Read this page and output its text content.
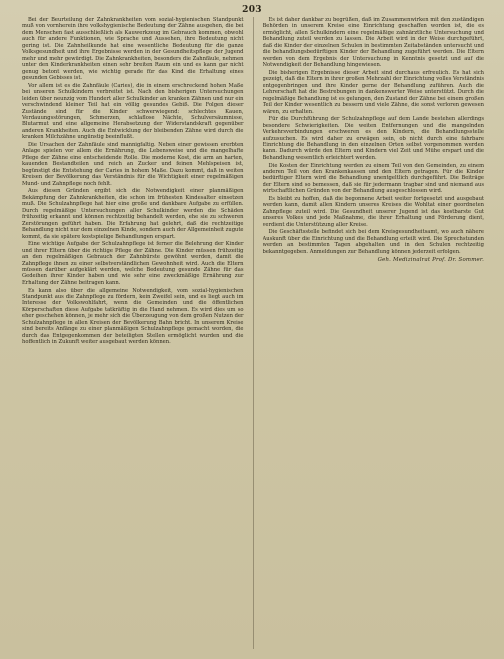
203

Bei der Beurteilung der Zahnkrankheiten vom sozial-hygienischen Standpunkt muß von vornherein ihre volkshygienische Bedeutung der Zähne ausgehen, die bei dem Menschen fast ausschließlich als Kauwerkzeug im Gebrauch kommen, obwohl auch für andere Funktionen, wie Sprache und Aussehen, ihre Bedeutung nicht gering ist. Die Zahnheilkunde hat eine wesentliche Bedeutung für die ganze Volksgesundheit und ihre Ergebnisse werden in der Gesundheitspflege der Jugend mehr und mehr gewürdigt. Die Zahnkrankheiten, besonders die Zahnfäule, nehmen unter den Kinderkrankheiten einen sehr breiten Raum ein und es kann gar nicht genug betont werden, wie wichtig gerade für das Kind die Erhaltung eines gesunden Gebisses ist.

Vor allem ist es die Zahnfäule (Caries), die in einem erschreckend hohen Maße bei unseren Schulkindern verbreitet ist. Nach den bisherigen Untersuchungen leiden über neunzig vom Hundert aller Schulkinder an kranken Zähnen und nur ein verschwindend kleiner Teil hat ein völlig gesundes Gebiß. Die Folgen dieser Zustände sind für die Kinder schwerwiegend: schlechtes Kauen, Verdauungsstörungen, Schmerzen, schlaflose Nächte, Schulversäumnisse, Blutarmut und eine allgemeine Herabsetzung der Widerstandskraft gegenüber anderen Krankheiten. Auch die Entwicklung der bleibenden Zähne wird durch die kranken Milchzähne ungünstig beeinflußt.

Die Ursachen der Zahnfäule sind mannigfaltig. Neben einer gewissen ererbten Anlage spielen vor allem die Ernährung, die Lebensweise und die mangelhafte Pflege der Zähne eine entscheidende Rolle. Die moderne Kost, die arm an harten, kauenden Bestandteilen und reich an Zucker und feinen Mehlspeisen ist, begünstigt die Entstehung der Caries in hohem Maße. Dazu kommt, daß in weiten Kreisen der Bevölkerung das Verständnis für die Wichtigkeit einer regelmäßigen Mund- und Zahnpflege noch fehlt.

Aus diesen Gründen ergibt sich die Notwendigkeit einer planmäßigen Bekämpfung der Zahnkrankheiten, die schon im frühesten Kindesalter einsetzen muß. Die Schulzahnpflege hat hier eine große und dankbare Aufgabe zu erfüllen. Durch regelmäßige Untersuchungen aller Schulkinder werden die Schäden frühzeitig erkannt und können rechtzeitig behandelt werden, ehe sie zu schweren Zerstörungen geführt haben. Die Erfahrung hat gelehrt, daß die rechtzeitige Behandlung nicht nur dem einzelnen Kinde, sondern auch der Allgemeinheit zugute kommt, da sie spätere kostspielige Behandlungen erspart.

Eine wichtige Aufgabe der Schulzahnpflege ist ferner die Belehrung der Kinder und ihrer Eltern über die richtige Pflege der Zähne. Die Kinder müssen frühzeitig an den regelmäßigen Gebrauch der Zahnbürste gewöhnt werden, damit die Zahnpflege ihnen zu einer selbstverständlichen Gewohnheit wird. Auch die Eltern müssen darüber aufgeklärt werden, welche Bedeutung gesunde Zähne für das Gedeihen ihrer Kinder haben und wie sehr eine zweckmäßige Ernährung zur Erhaltung der Zähne beitragen kann.

Es kann also über die allgemeine Notwendigkeit, vom sozial-hygienischen Standpunkt aus die Zahnpflege zu fördern, kein Zweifel sein, und es liegt auch im Interesse der Volkswohlfahrt, wenn die Gemeinden und die öffentlichen Körperschaften diese Aufgabe tatkräftig in die Hand nehmen. Es wird dies um so eher geschehen können, je mehr sich die Überzeugung von dem großen Nutzen der Schulzahnpflege in allen Kreisen der Bevölkerung Bahn bricht. In unserem Kreise sind bereits Anfänge zu einer planmäßigen Schulzahnpflege gemacht worden, die durch das Entgegenkommen der beteiligten Stellen ermöglicht wurden und die hoffentlich in Zukunft weiter ausgebaut werden können.

Es ist daher dankbar zu begrüßen, daß im Zusammenwirken mit den zuständigen Behörden in unserem Kreise eine Einrichtung geschaffen worden ist, die es ermöglicht, allen Schulkindern eine regelmäßige zahnärztliche Untersuchung und Behandlung zuteil werden zu lassen. Die Arbeit wird in der Weise durchgeführt, daß die Kinder der einzelnen Schulen in bestimmten Zeitabständen untersucht und die behandlungsbedürftigen Kinder der Behandlung zugeführt werden. Die Eltern werden von dem Ergebnis der Untersuchung in Kenntnis gesetzt und auf die Notwendigkeit der Behandlung hingewiesen.

Die bisherigen Ergebnisse dieser Arbeit sind durchaus erfreulich. Es hat sich gezeigt, daß die Eltern in ihrer großen Mehrzahl der Einrichtung volles Verständnis entgegenbringen und ihre Kinder gerne der Behandlung zuführen. Auch die Lehrerschaft hat die Bestrebungen in dankenswerter Weise unterstützt. Durch die regelmäßige Behandlung ist es gelungen, den Zustand der Zähne bei einem großen Teil der Kinder wesentlich zu bessern und viele Zähne, die sonst verloren gewesen wären, zu erhalten.

Für die Durchführung der Schulzahnpflege auf dem Lande bestehen allerdings besondere Schwierigkeiten. Die weiten Entfernungen und die mangelnden Verkehrsverbindungen erschweren es den Kindern, die Behandlungsstelle aufzusuchen. Es wird daher zu erwägen sein, ob nicht durch eine fahrbare Einrichtung die Behandlung in den einzelnen Orten selbst vorgenommen werden kann. Dadurch würde den Eltern und Kindern viel Zeit und Mühe erspart und die Behandlung wesentlich erleichtert werden.

Die Kosten der Einrichtung werden zu einem Teil von den Gemeinden, zu einem anderen Teil von den Krankenkassen und den Eltern getragen. Für die Kinder bedürftiger Eltern wird die Behandlung unentgeltlich durchgeführt. Die Beiträge der Eltern sind so bemessen, daß sie für jedermann tragbar sind und niemand aus wirtschaftlichen Gründen von der Behandlung ausgeschlossen wird.

Es bleibt zu hoffen, daß die begonnene Arbeit weiter fortgesetzt und ausgebaut werden kann, damit allen Kindern unseres Kreises die Wohltat einer geordneten Zahnpflege zuteil wird. Die Gesundheit unserer Jugend ist das kostbarste Gut unseres Volkes und jede Maßnahme, die ihrer Erhaltung und Förderung dient, verdient die Unterstützung aller Kreise.

Die Geschäftsstelle befindet sich bei dem Kreisgesundheitsamt, wo auch nähere Auskunft über die Einrichtung und die Behandlung erteilt wird. Die Sprechstunden werden an bestimmten Tagen abgehalten und in den Schulen rechtzeitig bekanntgegeben. Anmeldungen zur Behandlung können jederzeit erfolgen.

Geh. Medizinalrat Prof. Dr. Sommer.
